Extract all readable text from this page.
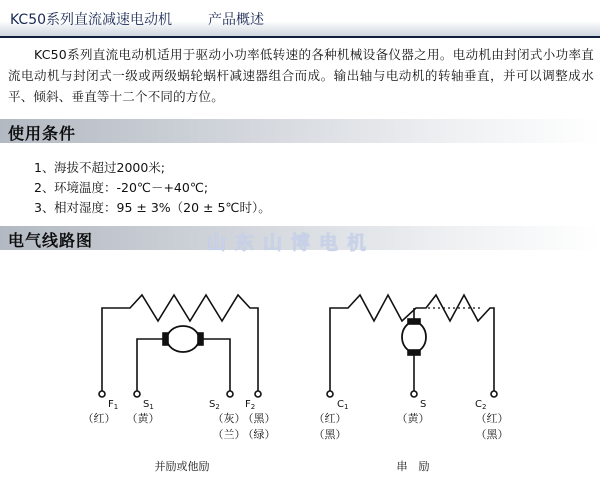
KC50系列直流减速电动机	产品概述
KC50系列直流电动机适用于驱动小功率低转速的各种机械设备仪器之用。电动机由封闭式小功率直流电动机与封闭式一级或两级蜗轮蜗杆减速器组合而成。输出轴与电动机的转轴垂直，并可以调整成水平、倾斜、垂直等十二个不同的方位。
使用条件
1、海拔不超过2000米;
2、环境温度：-20℃－+40℃;
3、相对湿度：95 ± 3%（20 ± 5℃时）。
电气线路图	山东山博电机
$F_1$ $S_1$	$S_2$	$F_2$
（红） （黄）	（灰）
（兰）
（黑）
（绿）
并励或他励
$C_1$	S	$C_2$
（红）
（黑）
（黄）	（红）
（黑）
串　励
